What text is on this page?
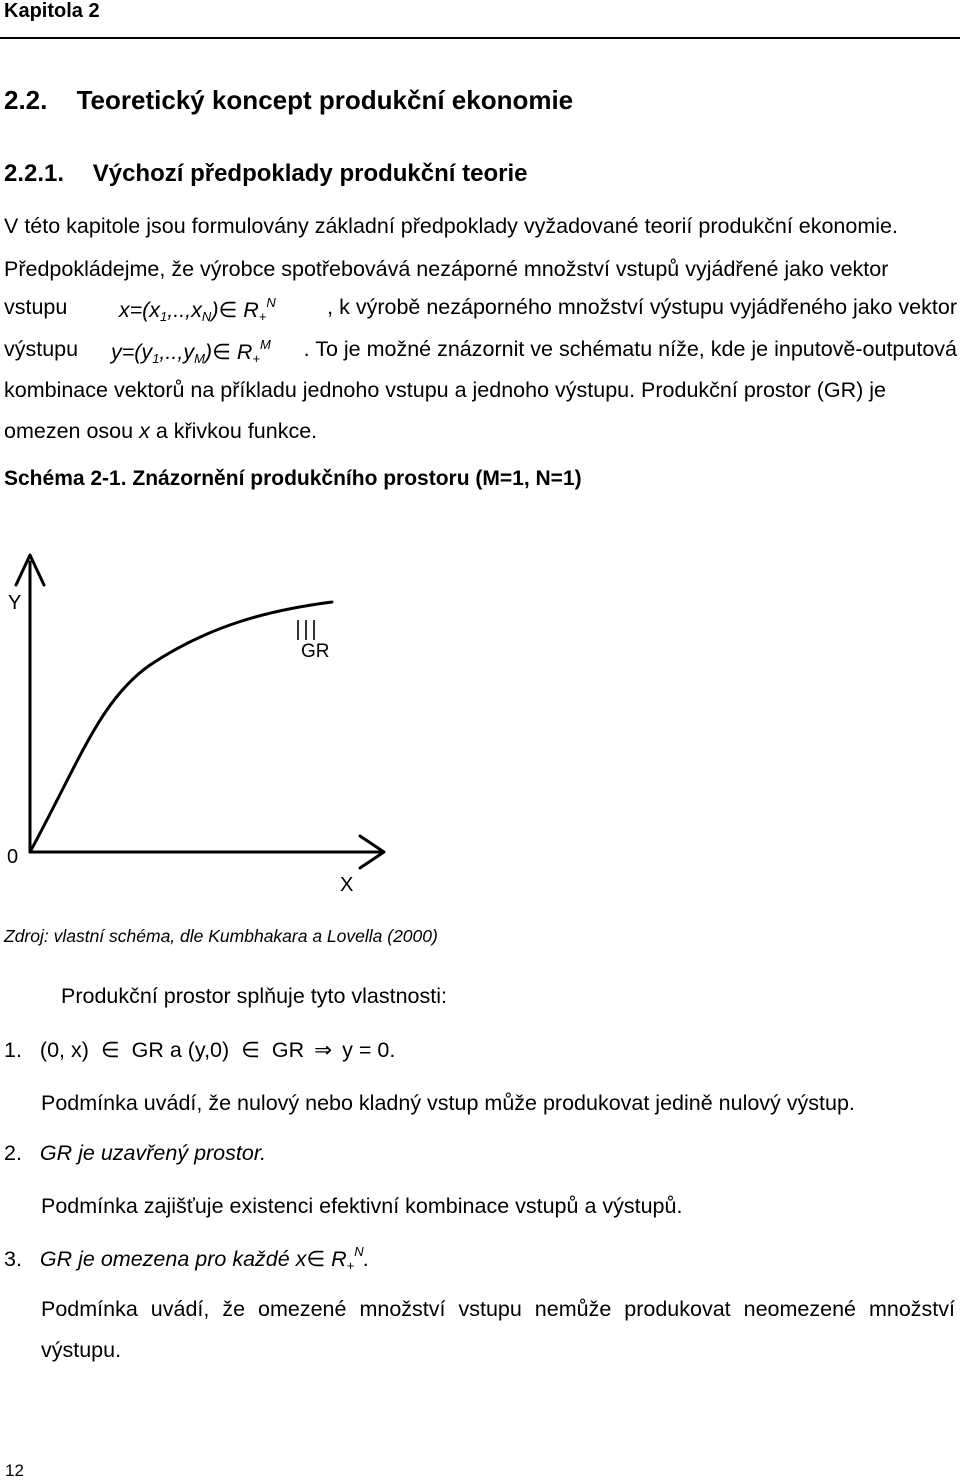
Kapitola 2
2.2. Teoretický koncept produkční ekonomie
2.2.1. Výchozí předpoklady produkční teorie
V této kapitole jsou formulovány základní předpoklady vyžadované teorií produkční ekonomie.
Předpokládejme, že výrobce spotřebovává nezáporné množství vstupů vyjádřené jako vektor
vstupu $x=(x_1,..,x_N)\in$ $R_+^N$ , k výrobě nezáporného množství výstupu vyjádřeného jako vektor
výstupu $y=(y_1,..,y_M)\in$ $R_+^M$ . To je možné znázornit ve schématu níže, kde je inputově-outputová
kombinace vektorů na příkladu jednoho vstupu a jednoho výstupu. Produkční prostor (GR) je
omezen osou x a křivkou funkce.
Schéma 2-1. Znázornění produkčního prostoru (M=1, N=1)
Y
GR
0
X
Zdroj: vlastní schéma, dle Kumbhakara a Lovella (2000)
Produkční prostor splňuje tyto vlastnosti:
1. (0, x) ∈ GR a (y,0) ∈ GR ⇒ y = 0.
Podmínka uvádí, že nulový nebo kladný vstup může produkovat jedině nulový výstup.
2. GR je uzavřený prostor.
Podmínka zajišťuje existenci efektivní kombinace vstupů a výstupů.
3. GR je omezena pro každé x∈ $R_+^N$.
Podmínka uvádí, že omezené množství vstupu nemůže produkovat neomezené množství
výstupu.
12
